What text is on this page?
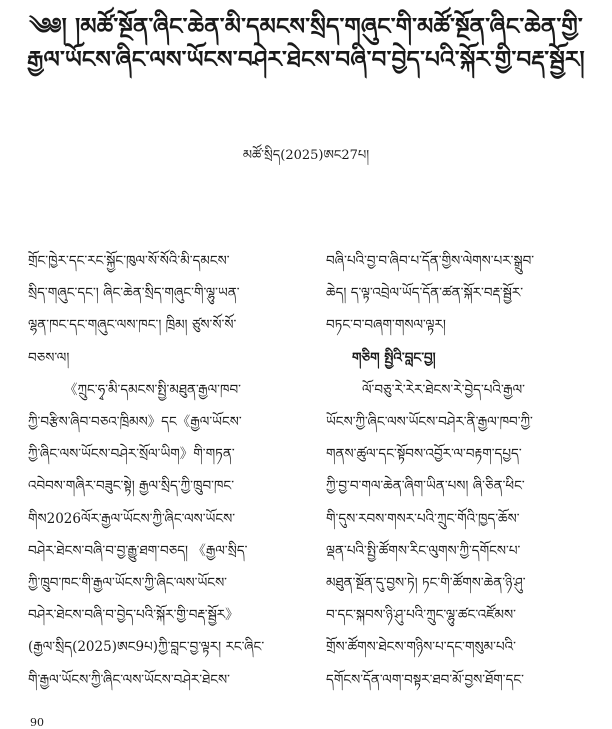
༄༅། །མཚོ་སྔོན་ཞིང་ཆེན་མི་དམངས་སྲིད་གཞུང་གི་མཚོ་སྔོན་ཞིང་ཆེན་གྱི་
རྒྱལ་ཡོངས་ཞིང་ལས་ཡོངས་བཤེར་ཐེངས་བཞི་བ་བྱེད་པའི་སྐོར་གྱི་བརྡ་སྦྱོར།
མཚོ་སྲིད(2025)ཨང27པ།
གྲོང་ཁྱེར་དང་རང་སྐྱོང་ཁུལ་སོ་སོའི་མི་དམངས་
སྲིད་གཞུང་དང་། ཞིང་ཆེན་སྲིད་གཞུང་གི་ལྷུ་ཡན་
ལྷན་ཁང་དང་གཞུང་ལས་ཁང་། ཁྲིམ། ཙུས་སོ་སོ་
བཅས་ལ།
《ཀྲུང་ཧྭ་མི་དམངས་སྤྱི་མཐུན་རྒྱལ་ཁབ་
ཀྱི་བརྩིས་ཞིབ་བཅའ་ཁྲིམས》དང《རྒྱལ་ཡོངས་
ཀྱི་ཞིང་ལས་ཡོངས་བཤེར་སྲོལ་ཡིག》གི་གཏན་
འབེབས་གཞིར་བཟུང་སྟེ། རྒྱལ་སྲིད་ཀྱི་ཁྲུབ་ཁང་
གིས2026ལོར་རྒྱལ་ཡོངས་ཀྱི་ཞིང་ལས་ཡོངས་
བཤེར་ཐེངས་བཞི་བ་བྱ་རྒྱུ་ཐག་བཅད། 《རྒྱལ་སྲིད་
ཀྱི་ཁྲུབ་ཁང་གི་རྒྱལ་ཡོངས་ཀྱི་ཞིང་ལས་ཡོངས་
བཤེར་ཐེངས་བཞི་བ་བྱེད་པའི་སྐོར་གྱི་བརྡ་སྦྱོར》
(རྒྱལ་སྲིད(2025)ཨང9པ)ཀྱི་བླང་བྱ་ལྟར། རང་ཞིང་
གི་རྒྱལ་ཡོངས་ཀྱི་ཞིང་ལས་ཡོངས་བཤེར་ཐེངས་
བཞི་པའི་བྱ་བ་ཞིབ་པ་དོན་གྱིས་ལེགས་པར་སྒྲུབ་
ཆེད། ད་ལྟ་འབྲེལ་ཡོད་དོན་ཚན་སྐོར་བརྡ་སྦྱོར་
བཏང་བ་བཞག་གསལ་ལྟར།
གཅིག སྤྱིའི་བླང་བྱ།
ལོ་བཅུ་རེ་རེར་ཐེངས་རེ་བྱེད་པའི་རྒྱལ་
ཡོངས་ཀྱི་ཞིང་ལས་ཡོངས་བཤེར་ནི་རྒྱལ་ཁབ་ཀྱི་
གནས་ཚུལ་དང་སྟོབས་འབྱོར་ལ་བརྟག་དཔྱད་
ཀྱི་བྱ་བ་གལ་ཆེན་ཞིག་ཡིན་པས། ཞི་ཅིན་ཕིང་
གི་དུས་རབས་གསར་པའི་ཀྲུང་གོའི་ཁྱད་ཆོས་
ལྡན་པའི་སྤྱི་ཚོགས་རིང་ལུགས་ཀྱི་དགོངས་པ་
མཐུན་སྔོན་དུ་བྱས་ཏེ། ཏང་གི་ཚོགས་ཆེན་ཉི་ཤུ་
བ་དང་སྐབས་ཉི་ཤུ་པའི་ཀྲུང་ལྷུ་ཚང་འཛོམས་
གྲོས་ཚོགས་ཐེངས་གཉིས་པ་དང་གསུམ་པའི་
དགོངས་དོན་ལག་བསྟར་ཐབ་མོ་བྱས་ཐོག་དང་
90
